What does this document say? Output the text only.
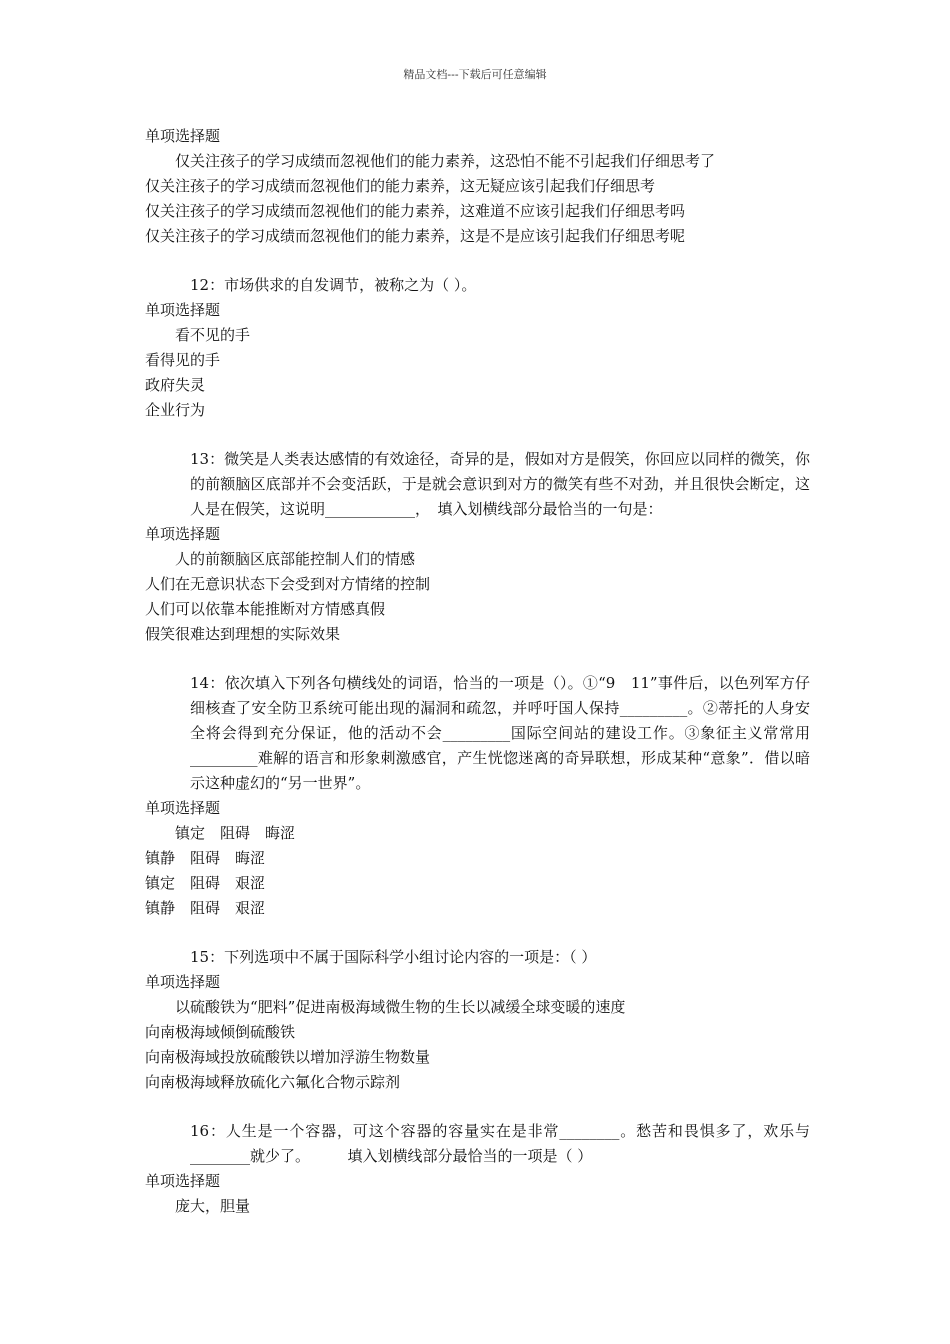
精品文档---下载后可任意编辑
单项选择题
仅关注孩子的学习成绩而忽视他们的能力素养，这恐怕不能不引起我们仔细思考了
仅关注孩子的学习成绩而忽视他们的能力素养，这无疑应该引起我们仔细思考
仅关注孩子的学习成绩而忽视他们的能力素养，这难道不应该引起我们仔细思考吗
仅关注孩子的学习成绩而忽视他们的能力素养，这是不是应该引起我们仔细思考呢
12：市场供求的自发调节，被称之为（ ）。
单项选择题
看不见的手
看得见的手
政府失灵
企业行为
13：微笑是人类表达感情的有效途径，奇异的是，假如对方是假笑，你回应以同样的微笑，你的前额脑区底部并不会变活跃，于是就会意识到对方的微笑有些不对劲，并且很快会断定，这人是在假笑，这说明____________，　填入划横线部分最恰当的一句是：
单项选择题
人的前额脑区底部能控制人们的情感
人们在无意识状态下会受到对方情绪的控制
人们可以依靠本能推断对方情感真假
假笑很难达到理想的实际效果
14：依次填入下列各句横线处的词语，恰当的一项是（）。①“9　11”事件后，以色列军方仔细核查了安全防卫系统可能出现的漏洞和疏忽，并呼吁国人保持_________。②蒂托的人身安全将会得到充分保证，他的活动不会_________国际空间站的建设工作。③象征主义常常用_________难解的语言和形象刺激感官，产生恍惚迷离的奇异联想，形成某种“意象”．借以暗示这种虚幻的“另一世界”。
单项选择题
镇定　阻碍　晦涩
镇静　阻碍　晦涩
镇定　阻碍　艰涩
镇静　阻碍　艰涩
15：下列选项中不属于国际科学小组讨论内容的一项是：（ ）
单项选择题
以硫酸铁为“肥料”促进南极海域微生物的生长以减缓全球变暖的速度
向南极海域倾倒硫酸铁
向南极海域投放硫酸铁以增加浮游生物数量
向南极海域释放硫化六氟化合物示踪剂
16：人生是一个容器，可这个容器的容量实在是非常________。愁苦和畏惧多了，欢乐与________就少了。　　　填入划横线部分最恰当的一项是（ ）
单项选择题
庞大，胆量
